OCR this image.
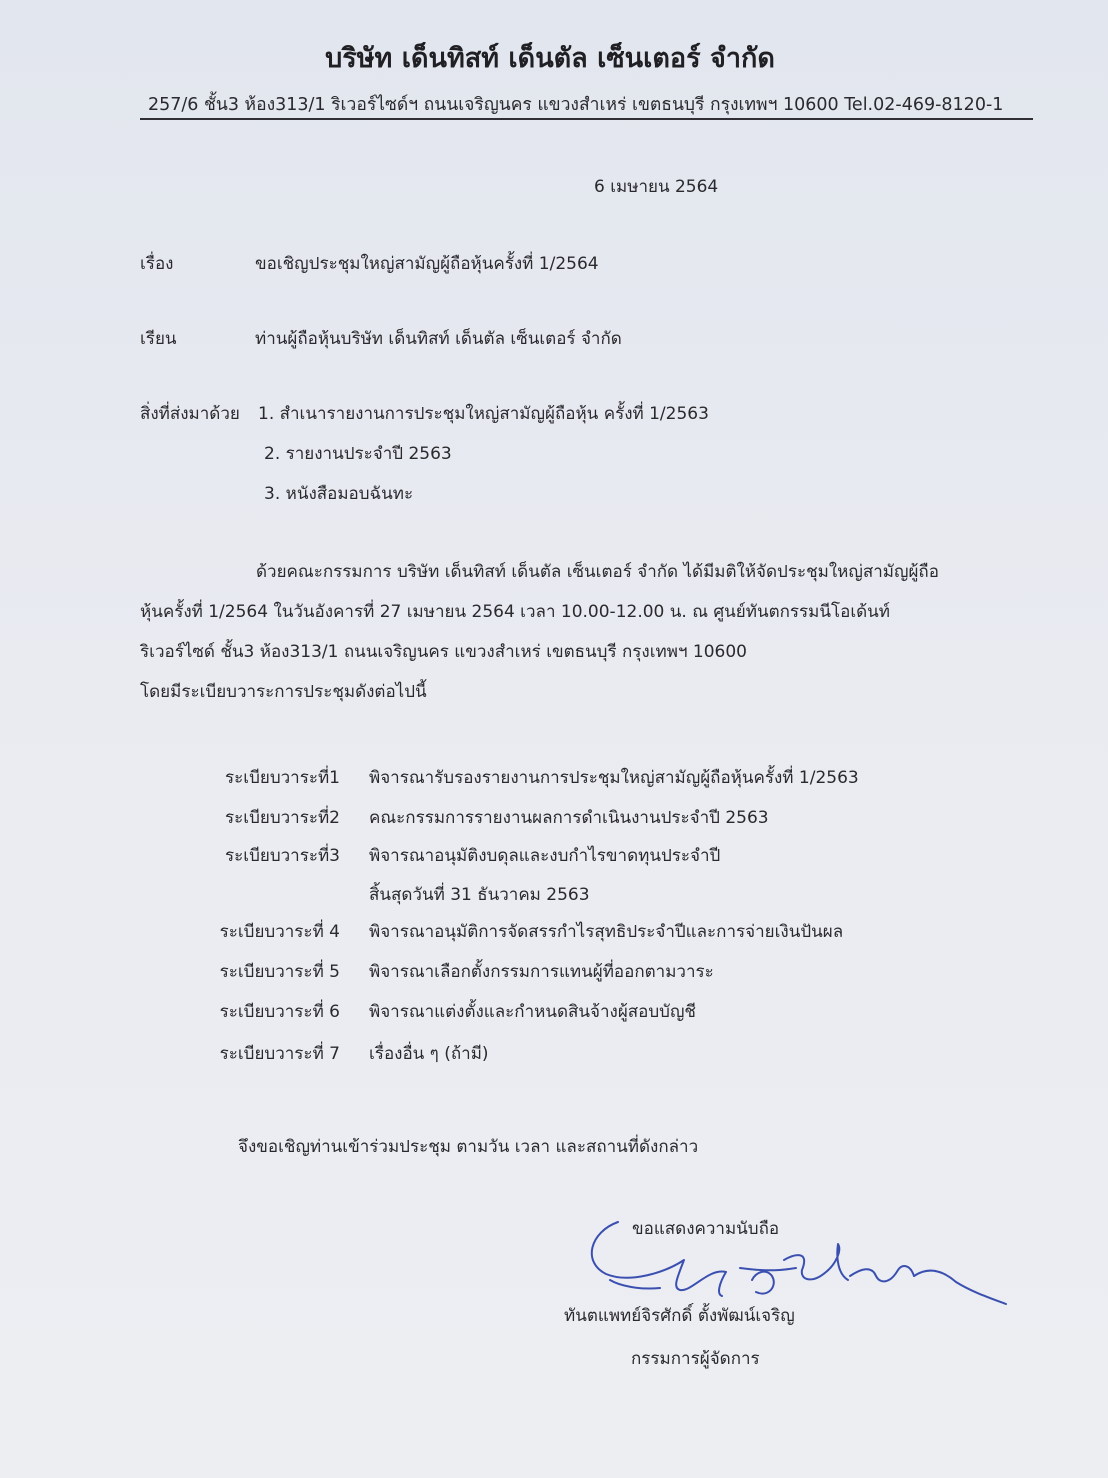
บริษัท เด็นทิสท์ เด็นตัล เซ็นเตอร์ จำกัด
257/6 ชั้น3 ห้อง313/1 ริเวอร์ไซด์ฯ ถนนเจริญนคร แขวงสำเหร่ เขตธนบุรี กรุงเทพฯ 10600 Tel.02-469-8120-1
6 เมษายน 2564
เรื่อง	ขอเชิญประชุมใหญ่สามัญผู้ถือหุ้นครั้งที่ 1/2564
เรียน	ท่านผู้ถือหุ้นบริษัท เด็นทิสท์ เด็นตัล เซ็นเตอร์ จำกัด
สิ่งที่ส่งมาด้วย 1. สำเนารายงานการประชุมใหญ่สามัญผู้ถือหุ้น ครั้งที่ 1/2563
2. รายงานประจำปี 2563
3. หนังสือมอบฉันทะ
ด้วยคณะกรรมการ บริษัท เด็นทิสท์ เด็นตัล เซ็นเตอร์ จำกัด ได้มีมติให้จัดประชุมใหญ่สามัญผู้ถือ
หุ้นครั้งที่ 1/2564 ในวันอังคารที่ 27 เมษายน 2564 เวลา 10.00-12.00 น. ณ ศูนย์ทันตกรรมนีโอเด้นท์
ริเวอร์ไซด์ ชั้น3 ห้อง313/1 ถนนเจริญนคร แขวงสำเหร่ เขตธนบุรี กรุงเทพฯ 10600
โดยมีระเบียบวาระการประชุมดังต่อไปนี้
ระเบียบวาระที่1 พิจารณารับรองรายงานการประชุมใหญ่สามัญผู้ถือหุ้นครั้งที่ 1/2563
ระเบียบวาระที่2 คณะกรรมการรายงานผลการดำเนินงานประจำปี 2563
ระเบียบวาระที่3 พิจารณาอนุมัติงบดุลและงบกำไรขาดทุนประจำปี
สิ้นสุดวันที่ 31 ธันวาคม 2563
ระเบียบวาระที่ 4 พิจารณาอนุมัติการจัดสรรกำไรสุทธิประจำปีและการจ่ายเงินปันผล
ระเบียบวาระที่ 5 พิจารณาเลือกตั้งกรรมการแทนผู้ที่ออกตามวาระ
ระเบียบวาระที่ 6 พิจารณาแต่งตั้งและกำหนดสินจ้างผู้สอบบัญชี
ระเบียบวาระที่ 7 เรื่องอื่น ๆ (ถ้ามี)
จึงขอเชิญท่านเข้าร่วมประชุม ตามวัน เวลา และสถานที่ดังกล่าว
ขอแสดงความนับถือ
ทันตแพทย์จิรศักดิ์ ตั้งพัฒน์เจริญ
กรรมการผู้จัดการ
